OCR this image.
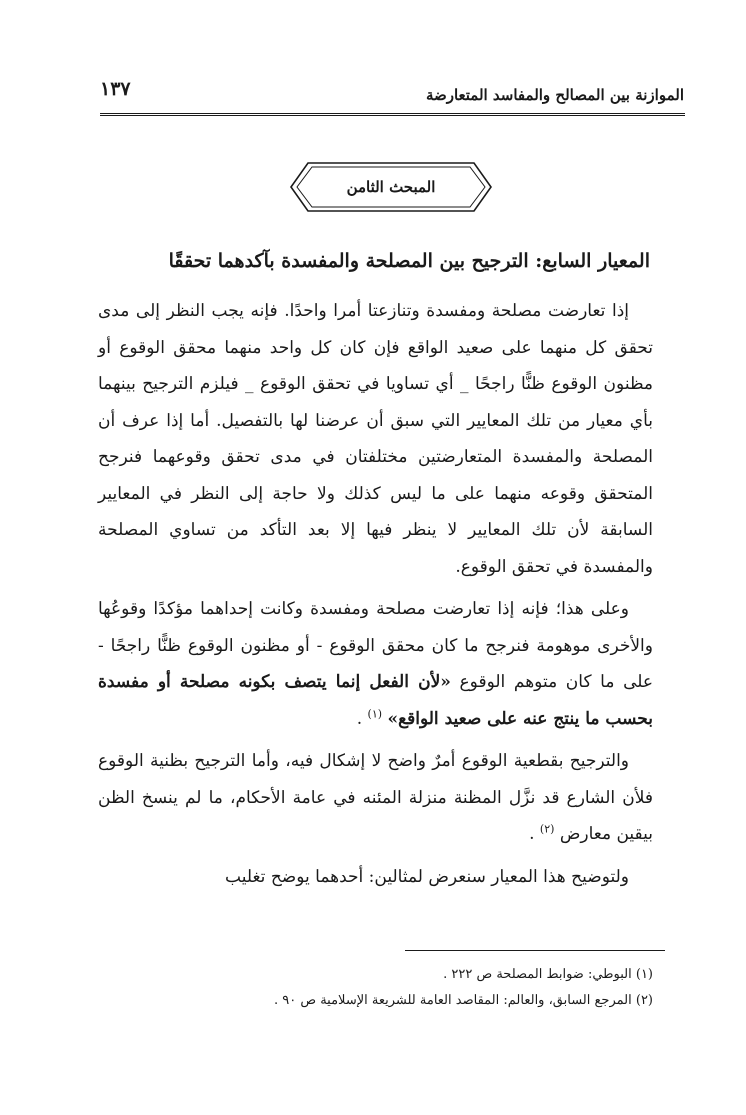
الموازنة بين المصالح والمفاسد المتعارضة
١٣٧
المبحث الثامن
المعيار السابع: الترجيح بين المصلحة والمفسدة بآكدهما تحققًا

إذا تعارضت مصلحة ومفسدة وتنازعتا أمرا واحدًا. فإنه يجب النظر إلى مدى تحقق كل منهما على صعيد الواقع فإن كان كل واحد منهما محقق الوقوع أو مظنون الوقوع ظنًّا راجحًا _ أي تساويا في تحقق الوقوع _ فيلزم الترجيح بينهما بأي معيار من تلك المعايير التي سبق أن عرضنا لها بالتفصيل. أما إذا عرف أن المصلحة والمفسدة المتعارضتين مختلفتان في مدى تحقق وقوعهما فنرجح المتحقق وقوعه منهما على ما ليس كذلك ولا حاجة إلى النظر في المعايير السابقة لأن تلك المعايير لا ينظر فيها إلا بعد التأكد من تساوي المصلحة والمفسدة في تحقق الوقوع.

وعلى هذا؛ فإنه إذا تعارضت مصلحة ومفسدة وكانت إحداهما مؤكدًا وقوعُها والأخرى موهومة فنرجح ما كان محقق الوقوع - أو مظنون الوقوع ظنًّا راجحًا - على ما كان متوهم الوقوع «لأن الفعل إنما يتصف بكونه مصلحة أو مفسدة بحسب ما ينتج عنه على صعيد الواقع» $^{(١)}$ .

والترجيح بقطعية الوقوع أمرٌ واضح لا إشكال فيه، وأما الترجيح بظنية الوقوع فلأن الشارع قد نزَّل المظنة منزلة المئنه في عامة الأحكام، ما لم ينسخ الظن بيقين معارض $^{(٢)}$ .

ولتوضيح هذا المعيار سنعرض لمثالين: أحدهما يوضح تغليب

(١) البوطي: ضوابط المصلحة ص ٢٢٢ .
(٢) المرجع السابق، والعالم: المقاصد العامة للشريعة الإسلامية ص ٩٠ .
